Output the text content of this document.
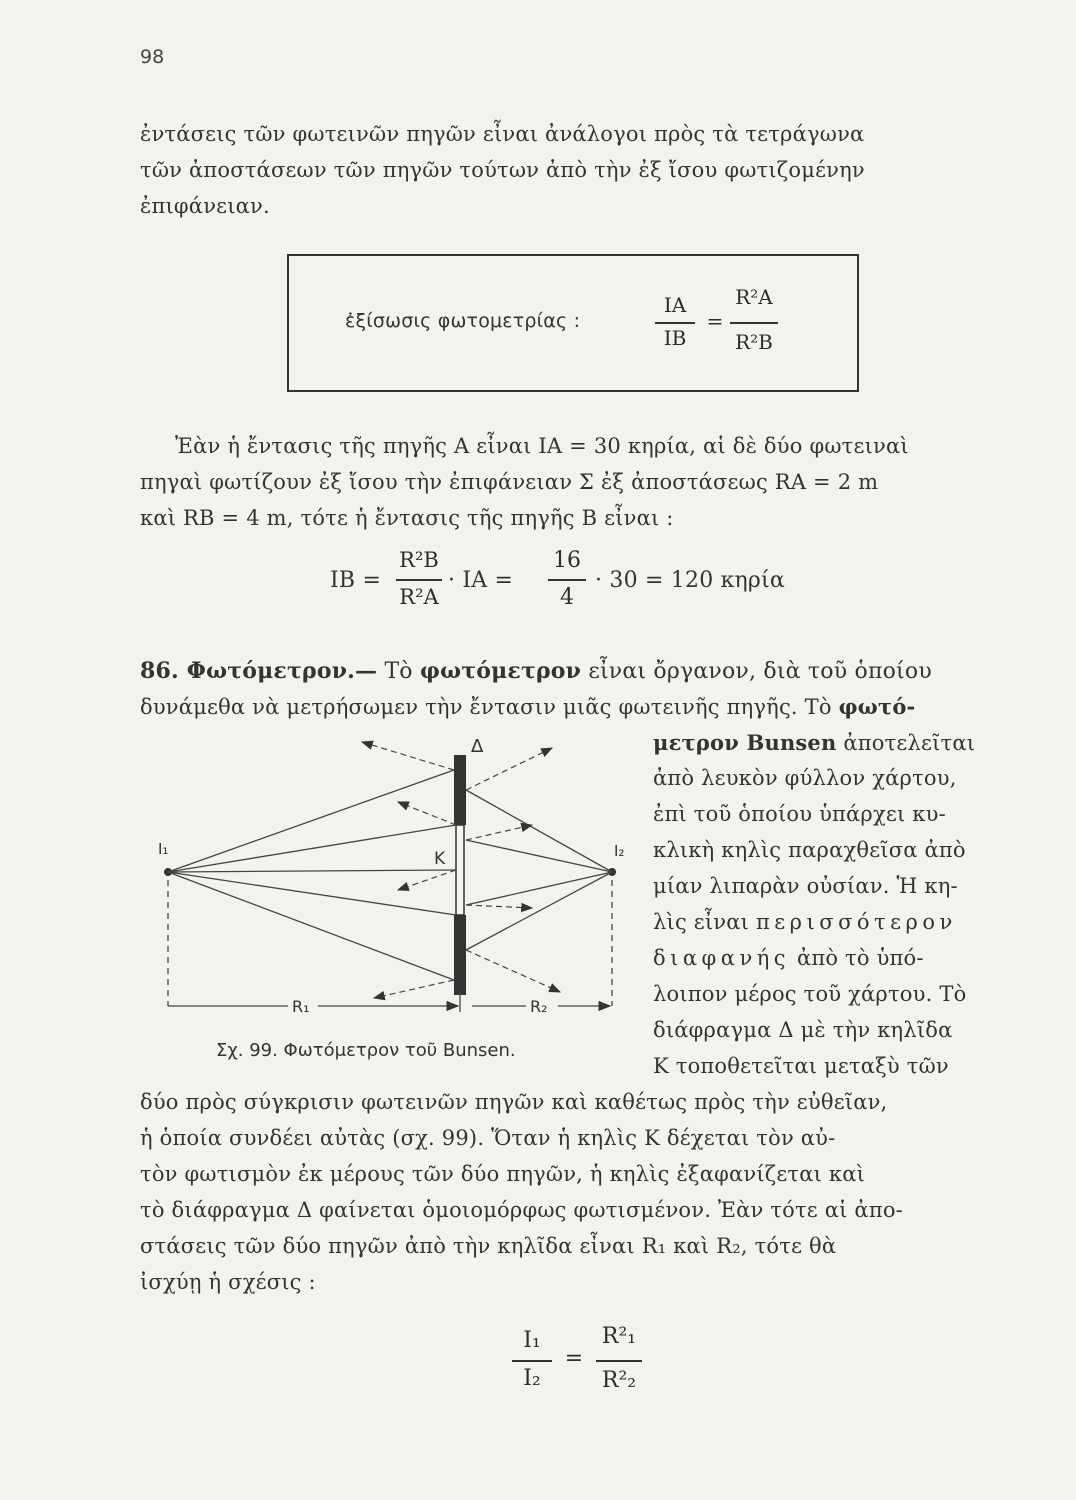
98
ἐντάσεις τῶν φωτεινῶν πηγῶν εἶναι ἀνάλογοι πρὸς τὰ τετράγωνα
τῶν ἀποστάσεων τῶν πηγῶν τούτων ἀπὸ τὴν ἐξ ἴσου φωτιζομένην
ἐπιφάνειαν.
ἐξίσωσις φωτομετρίας :
IA
IB
=
R²A
R²B
Ἐὰν ἡ ἔντασις τῆς πηγῆς Α εἶναι IA = 30 κηρία, αἱ δὲ δύο φωτειναὶ
πηγαὶ φωτίζουν ἐξ ἴσου τὴν ἐπιφάνειαν Σ ἐξ ἀποστάσεως RA = 2 m
καὶ RB = 4 m, τότε ἡ ἔντασις τῆς πηγῆς Β εἶναι :
IB =
R²B
R²A
· IA =
16
4
· 30 = 120 κηρία
86. Φωτόμετρον.— Τὸ φωτόμετρον εἶναι ὄργανον, διὰ τοῦ ὁποίου
δυνάμεθα νὰ μετρήσωμεν τὴν ἔντασιν μιᾶς φωτεινῆς πηγῆς. Τὸ φωτό-
μετρον Bunsen ἀποτελεῖται
ἀπὸ λευκὸν φύλλον χάρτου,
ἐπὶ τοῦ ὁποίου ὑπάρχει κυ-
κλικὴ κηλὶς παραχθεῖσα ἀπὸ
μίαν λιπαρὰν οὐσίαν. Ἡ κη-
λὶς εἶναι περισσότερον
διαφανής ἀπὸ τὸ ὑπό-
λοιπον μέρος τοῦ χάρτου. Τὸ
διάφραγμα Δ μὲ τὴν κηλῖδα
Κ τοποθετεῖται μεταξὺ τῶν
Δ
K
I₁	I₂
R₁	R₂
Σχ. 99. Φωτόμετρον τοῦ Bunsen.
δύο πρὸς σύγκρισιν φωτεινῶν πηγῶν καὶ καθέτως πρὸς τὴν εὐθεῖαν,
ἡ ὁποία συνδέει αὐτὰς (σχ. 99). Ὅταν ἡ κηλὶς Κ δέχεται τὸν αὐ-
τὸν φωτισμὸν ἐκ μέρους τῶν δύο πηγῶν, ἡ κηλὶς ἐξαφανίζεται καὶ
τὸ διάφραγμα Δ φαίνεται ὁμοιομόρφως φωτισμένον. Ἐὰν τότε αἱ ἀπο-
στάσεις τῶν δύο πηγῶν ἀπὸ τὴν κηλῖδα εἶναι R₁ καὶ R₂, τότε θὰ
ἰσχύῃ ἡ σχέσις :
I₁
I₂
=
R²₁
R²₂
